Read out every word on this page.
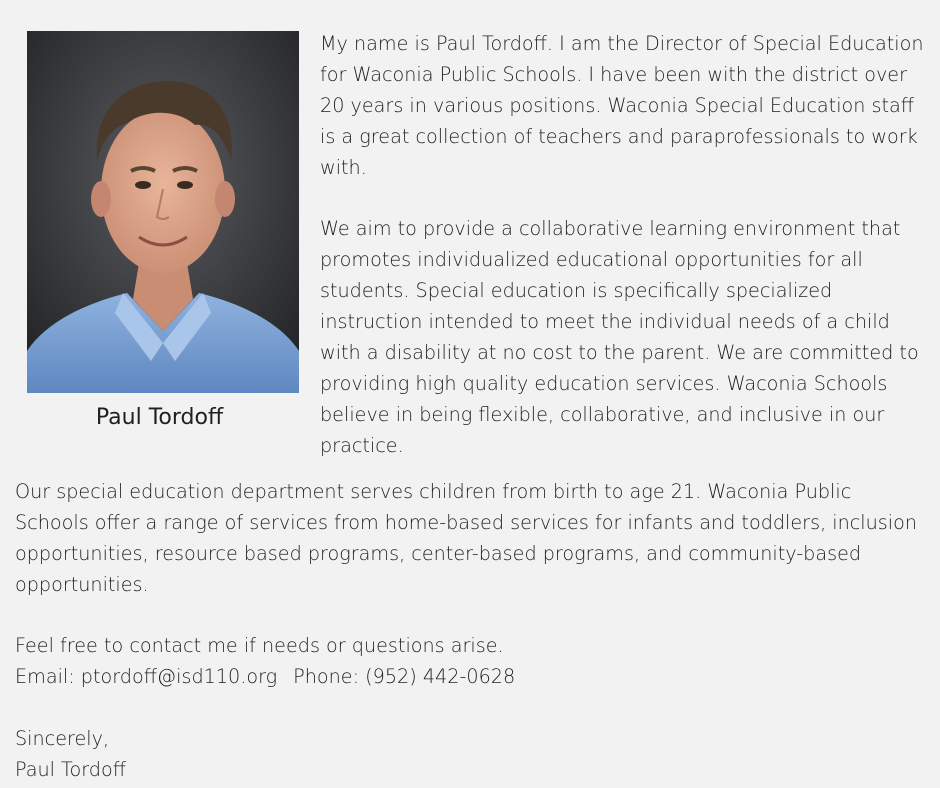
Paul Tordoff

My name is Paul Tordoff. I am the Director of Special Education for Waconia Public Schools. I have been with the district over 20 years in various positions. Waconia Special Education staff is a great collection of teachers and paraprofessionals to work with.

We aim to provide a collaborative learning environment that promotes individualized educational opportunities for all students. Special education is specifically specialized instruction intended to meet the individual needs of a child with a disability at no cost to the parent. We are committed to providing high quality education services. Waconia Schools believe in being flexible, collaborative, and inclusive in our practice.

Our special education department serves children from birth to age 21. Waconia Public Schools offer a range of services from home-based services for infants and toddlers, inclusion opportunities, resource based programs, center-based programs, and community-based opportunities.

Feel free to contact me if needs or questions arise.
Email: ptordoff@isd110.org Phone: (952) 442-0628
Sincerely,
Paul Tordoff
